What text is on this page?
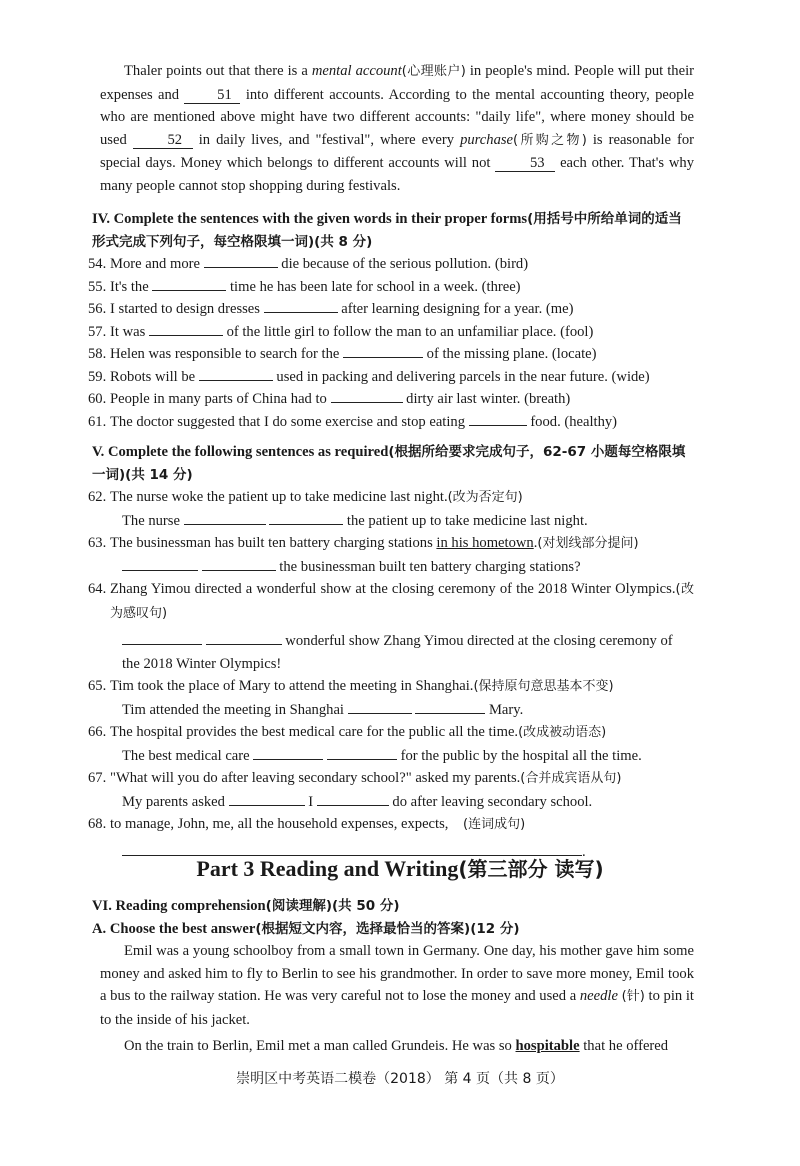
Thaler points out that there is a mental account(心理账户) in people's mind. People will put their expenses and 51 into different accounts. According to the mental accounting theory, people who are mentioned above might have two different accounts: "daily life", where money should be used 52 in daily lives, and "festival", where every purchase(所购之物) is reasonable for special days. Money which belongs to different accounts will not 53 each other. That's why many people cannot stop shopping during festivals.

IV. Complete the sentences with the given words in their proper forms(用括号中所给单词的适当形式完成下列句子，每空格限填一词)(共 8 分)

54. More and more	die because of the serious pollution. (bird)
55. It's the	time he has been late for school in a week. (three)
56. I started to design dresses	after learning designing for a year. (me)
57. It was	of the little girl to follow the man to an unfamiliar place. (fool)
58. Helen was responsible to search for the	of the missing plane. (locate)
59. Robots will be	used in packing and delivering parcels in the near future. (wide)
60. People in many parts of China had to	dirty air last winter. (breath)
61. The doctor suggested that I do some exercise and stop eating	food. (healthy)

V. Complete the following sentences as required(根据所给要求完成句子，62-67 小题每空格限填一词)(共 14 分)

62. The nurse woke the patient up to take medicine last night.(改为否定句)

The nurse	the patient up to take medicine last night.

63. The businessman has built ten battery charging stations in his hometown.(对划线部分提问)

the businessman built ten battery charging stations?

64. Zhang Yimou directed a wonderful show at the closing ceremony of the 2018 Winter Olympics.(改为感叹句)

wonderful show Zhang Yimou directed at the closing ceremony of the 2018 Winter Olympics!

65. Tim took the place of Mary to attend the meeting in Shanghai.(保持原句意思基本不变)

Tim attended the meeting in Shanghai	Mary.

66. The hospital provides the best medical care for the public all the time.(改成被动语态)

The best medical care	for the public by the hospital all the time.

67. "What will you do after leaving secondary school?" asked my parents.(合并成宾语从句)

My parents asked	I	do after leaving secondary school.

68. to manage, John, me, all the household expenses, expects, (连词成句)

.

Part 3 Reading and Writing(第三部分 读写)

VI. Reading comprehension(阅读理解)(共 50 分)

A. Choose the best answer(根据短文内容，选择最恰当的答案)(12 分)

Emil was a young schoolboy from a small town in Germany. One day, his mother gave him some money and asked him to fly to Berlin to see his grandmother. In order to save more money, Emil took a bus to the railway station. He was very careful not to lose the money and used a needle (针) to pin it to the inside of his jacket.

On the train to Berlin, Emil met a man called Grundeis. He was so hospitable that he offered

崇明区中考英语二模卷（2018） 第 4 页（共 8 页）
